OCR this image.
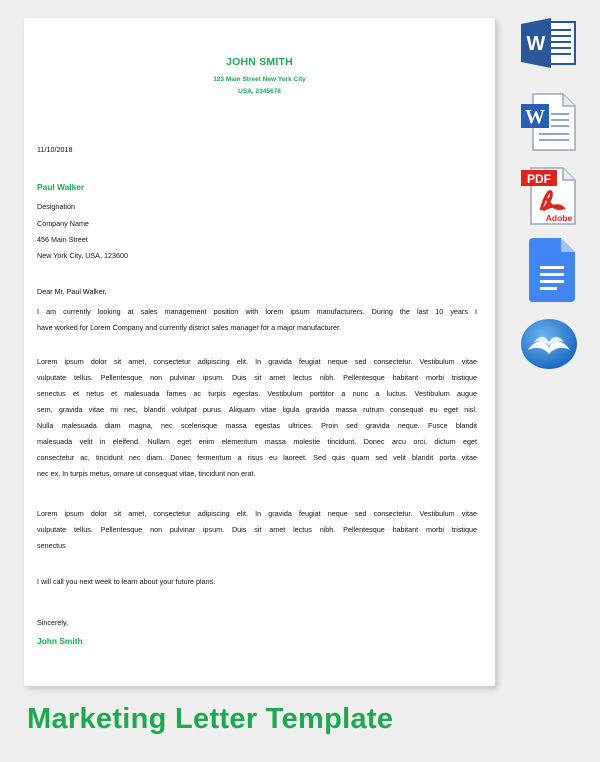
JOHN SMITH
123 Main Street New York City
USA, 2345678
11/10/2018
Paul Walker
Designation
Company Name
456 Main Street
New York City, USA, 123600
Dear Mr. Paul Walker,
I am currently looking at sales management position with lorem ipsum manufacturers. During the last 10 years I
have worked for Lorem Company and currently district sales manager for a major manufacturer.
Lorem ipsum dolor sit amet, consectetur adipiscing elit. In gravida feugiat neque sed consectetur. Vestibulum vitae
vulputate tellus. Pellentesque non pulvinar ipsum. Duis sit amet lectus nibh. Pellentesque habitant morbi tristique
senectus et netus et malesuada fames ac turpis egestas. Vestibulum porttitor a nunc a luctus. Vestibulum augue
sem, gravida vitae mi nec, blandit volutpat purus. Aliquam vitae ligula gravida massa rutrum consequat eu eget nisl.
Nulla malesuada diam magna, nec scelerisque massa egestas ultrices. Proin sed gravida neque. Fusce blandit
malesuada velit in eleifend. Nullam eget enim elementum massa molestie tincidunt. Donec arcu orci, dictum eget
consectetur ac, tincidunt nec diam. Donec fermentum a risus eu laoreet. Sed quis quam sed velit blandit porta vitae
nec ex. In turpis metus, ornare ut consequat vitae, tincidunt non erat.
Lorem ipsum dolor sit amet, consectetur adipiscing elit. In gravida feugiat neque sed consectetur. Vestibulum vitae
vulputate tellus. Pellentesque non pulvinar ipsum. Duis sit amet lectus nibh. Pellentesque habitant morbi tristique
senectus
I will call you next week to learn about your future plans.
Sincerely,
John Smith
W
W
PDF
Adobe
Marketing Letter Template
